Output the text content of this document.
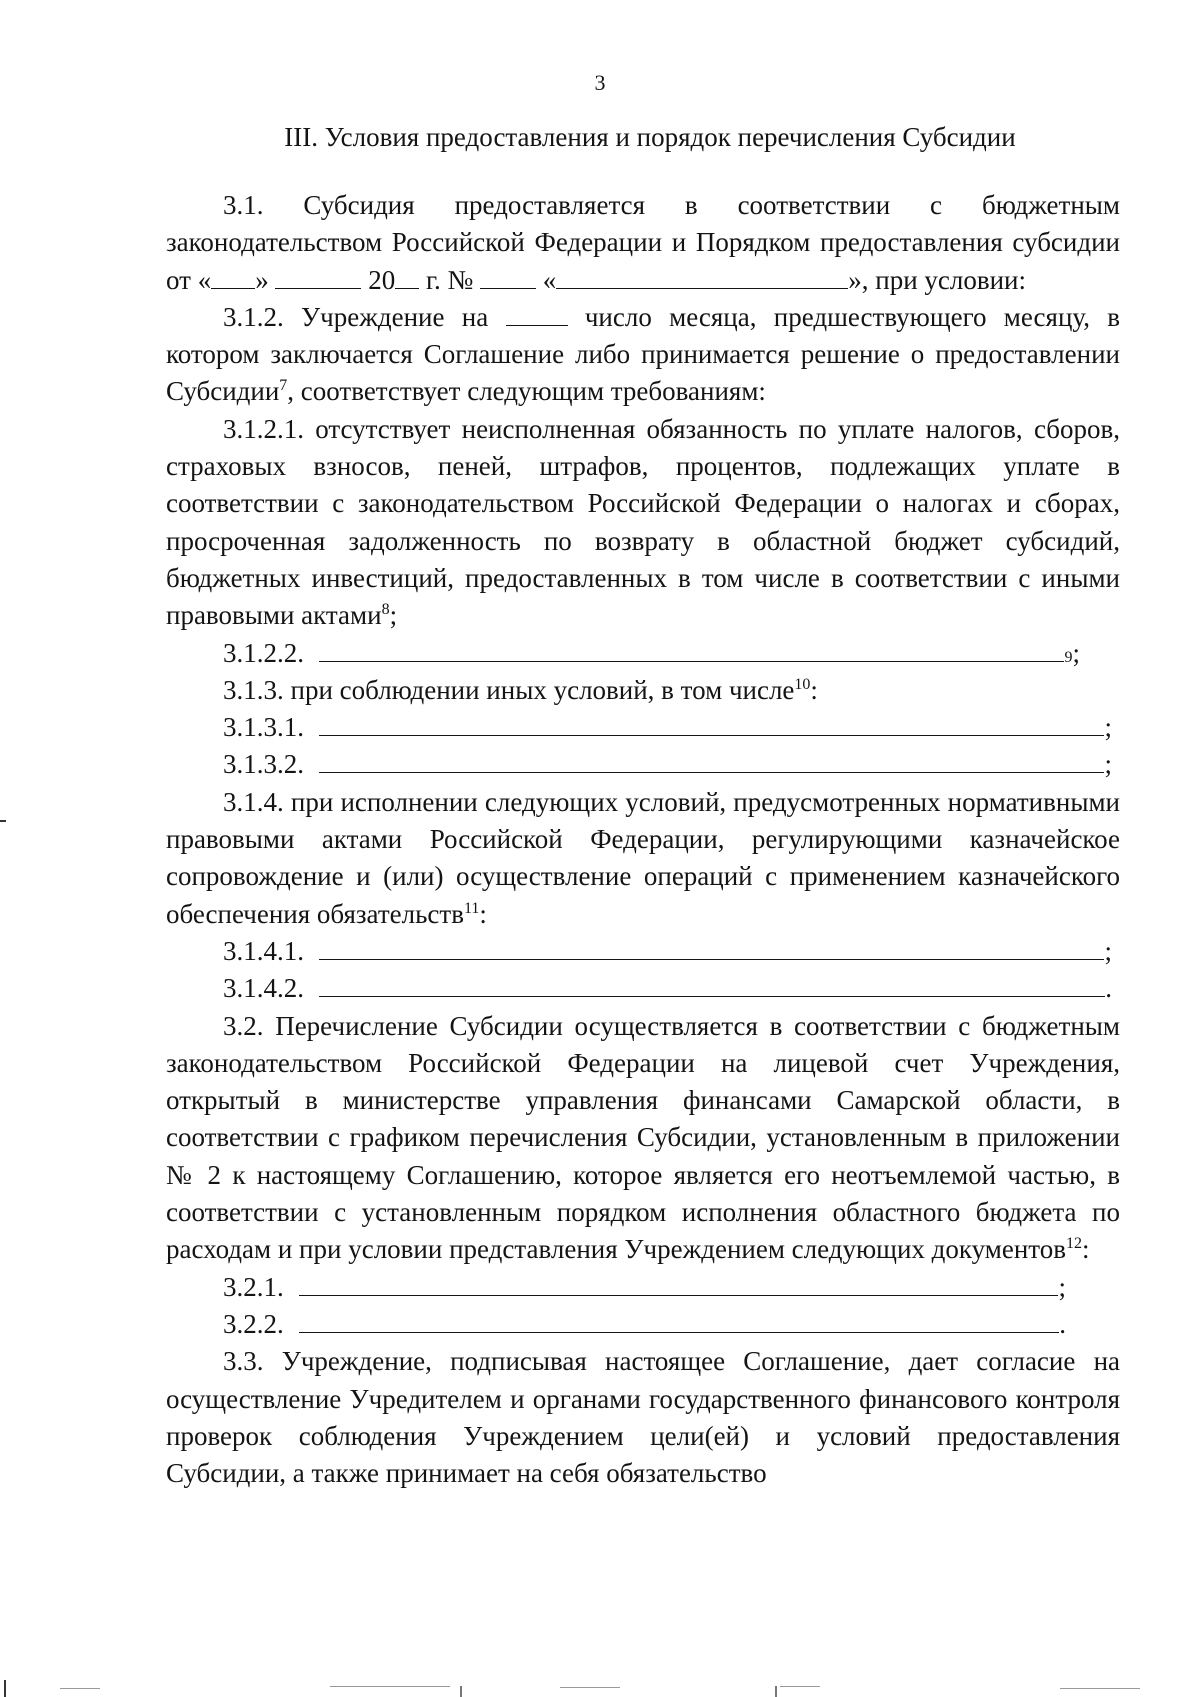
3
III. Условия предоставления и порядок перечисления Субсидии

3.1. Субсидия предоставляется в соответствии с бюджетным законодательством Российской Федерации и Порядком предоставления субсидии от « »	20 г. №  «	», при условии:

3.1.2. Учреждение на  число месяца, предшествующего месяцу, в котором заключается Соглашение либо принимается решение о предоставлении Субсидии$^7$, соответствует следующим требованиям:

3.1.2.1. отсутствует неисполненная обязанность по уплате налогов, сборов, страховых взносов, пеней, штрафов, процентов, подлежащих уплате в соответствии с законодательством Российской Федерации о налогах и сборах, просроченная задолженность по возврату в областной бюджет субсидий, бюджетных инвестиций, предоставленных в том числе в соответствии с иными правовыми актами$^8$;

3.1.2.2.	9 ;

3.1.3. при соблюдении иных условий, в том числе$^{10}$:

3.1.3.1.	;
3.1.3.2.	;

3.1.4. при исполнении следующих условий, предусмотренных нормативными правовыми актами Российской Федерации, регулирующими казначейское сопровождение и (или) осуществление операций с применением казначейского обеспечения обязательств$^{11}$:

3.1.4.1.	;
3.1.4.2.	.

3.2. Перечисление Субсидии осуществляется в соответствии с бюджетным законодательством Российской Федерации на лицевой счет Учреждения, открытый в министерстве управления финансами Самарской области, в соответствии с графиком перечисления Субсидии, установленным в приложении № 2 к настоящему Соглашению, которое является его неотъемлемой частью, в соответствии с установленным порядком исполнения областного бюджета по расходам и при условии представления Учреждением следующих документов$^{12}$:

3.2.1.	;
3.2.2.	.

3.3. Учреждение, подписывая настоящее Соглашение, дает согласие на осуществление Учредителем и органами государственного финансового контроля проверок соблюдения Учреждением цели(ей) и условий предоставления Субсидии, а также принимает на себя обязательство
